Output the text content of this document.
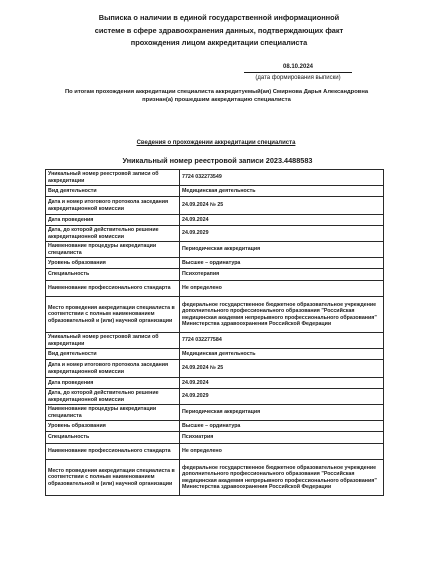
Выписка о наличии в единой государственной информационной
системе в сфере здравоохранения данных, подтверждающих факт
прохождения лицом аккредитации специалиста
08.10.2024
(дата формирования выписки)
По итогам прохождения аккредитации специалиста аккредитуемый(ая) Смирнова Дарья Александровна
признан(а) прошедшим аккредитацию специалиста
Сведения о прохождении аккредитации специалиста
Уникальный номер реестровой записи 2023.4488583
Уникальный номер реестровой записи об аккредитации	7724 032273549
Вид деятельности	Медицинская деятельность
Дата и номер итогового протокола заседания аккредитационной комиссии	24.09.2024 № 25
Дата проведения	24.09.2024
Дата, до которой действительно решение аккредитационной комиссии	24.09.2029
Наименование процедуры аккредитации специалиста	Периодическая аккредитация
Уровень образования	Высшее – ординатура
Специальность	Психотерапия
Наименование профессионального стандарта	Не определено
Место проведения аккредитации специалиста в соответствии с полным наименованием образовательной и (или) научной организации	федеральное государственное бюджетное образовательное учреждение дополнительного профессионального образования "Российская медицинская академия непрерывного профессионального образования" Министерства здравоохранения Российской Федерации
Уникальный номер реестровой записи об аккредитации	7724 032277584
Вид деятельности	Медицинская деятельность
Дата и номер итогового протокола заседания аккредитационной комиссии	24.09.2024 № 25
Дата проведения	24.09.2024
Дата, до которой действительно решение аккредитационной комиссии	24.09.2029
Наименование процедуры аккредитации специалиста	Периодическая аккредитация
Уровень образования	Высшее – ординатура
Специальность	Психиатрия
Наименование профессионального стандарта	Не определено
Место проведения аккредитации специалиста в соответствии с полным наименованием образовательной и (или) научной организации	федеральное государственное бюджетное образовательное учреждение дополнительного профессионального образования "Российская медицинская академия непрерывного профессионального образования" Министерства здравоохранения Российской Федерации
